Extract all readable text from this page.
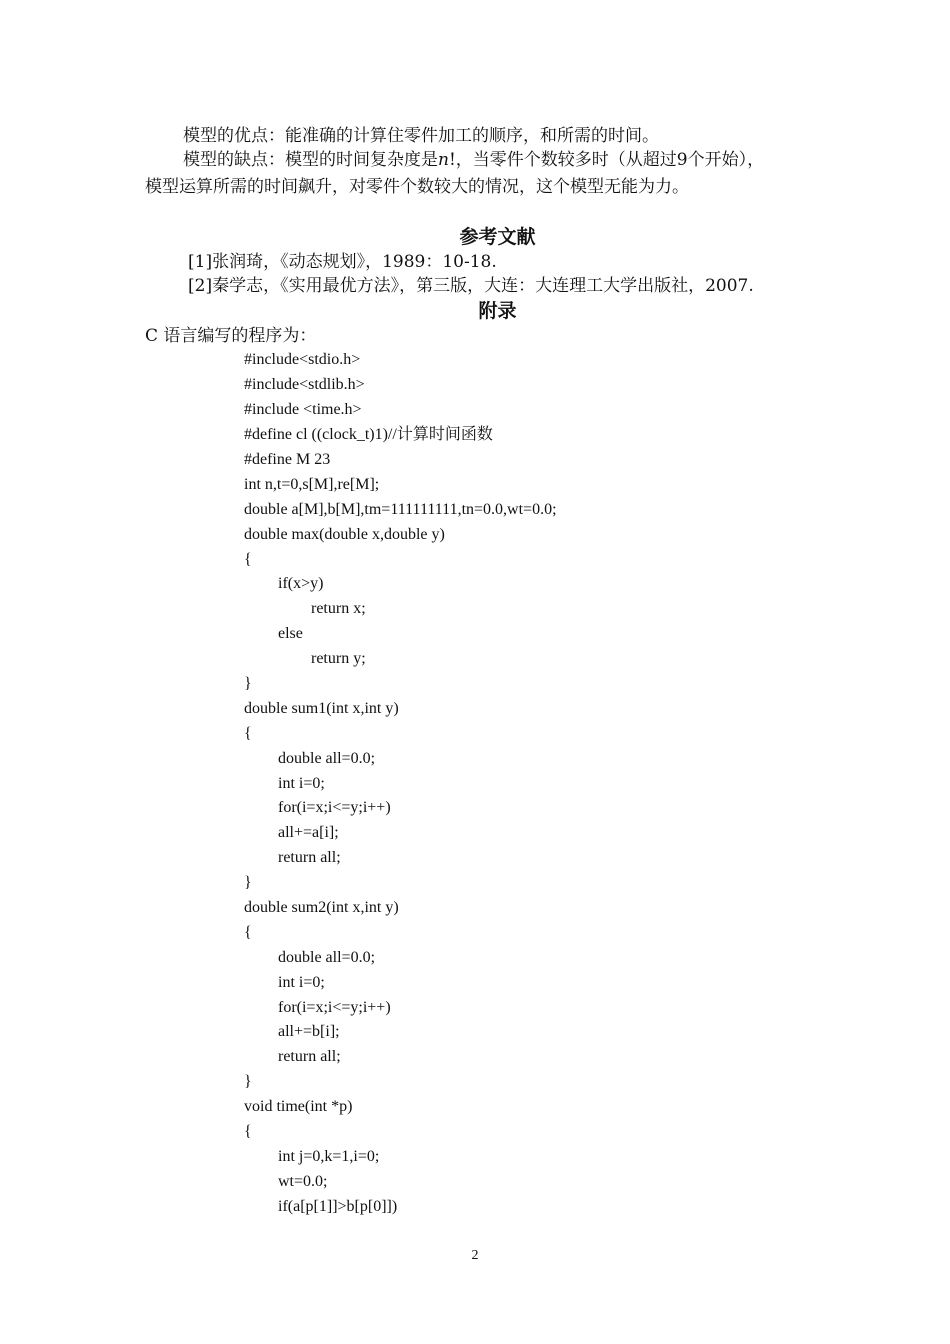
模型的优点：能准确的计算住零件加工的顺序，和所需的时间。
模型的缺点：模型的时间复杂度是n!，当零件个数较多时（从超过9个开始），
模型运算所需的时间飙升，对零件个数较大的情况，这个模型无能为力。
参考文献
[1]张润琦，《动态规划》，1989：10-18.
[2]秦学志，《实用最优方法》，第三版，大连：大连理工大学出版社，2007.
附录
C 语言编写的程序为：
#include<stdio.h>
#include<stdlib.h>
#include <time.h>
#define cl ((clock_t)1)//计算时间函数
#define M 23
int n,t=0,s[M],re[M];
double a[M],b[M],tm=111111111,tn=0.0,wt=0.0;
double max(double x,double y)
{
if(x>y)
return x;
else
return y;
}
double sum1(int x,int y)
{
double all=0.0;
int i=0;
for(i=x;i<=y;i++)
all+=a[i];
return all;
}
double sum2(int x,int y)
{
double all=0.0;
int i=0;
for(i=x;i<=y;i++)
all+=b[i];
return all;
}
void time(int *p)
{
int j=0,k=1,i=0;
wt=0.0;
if(a[p[1]]>b[p[0]])
2
